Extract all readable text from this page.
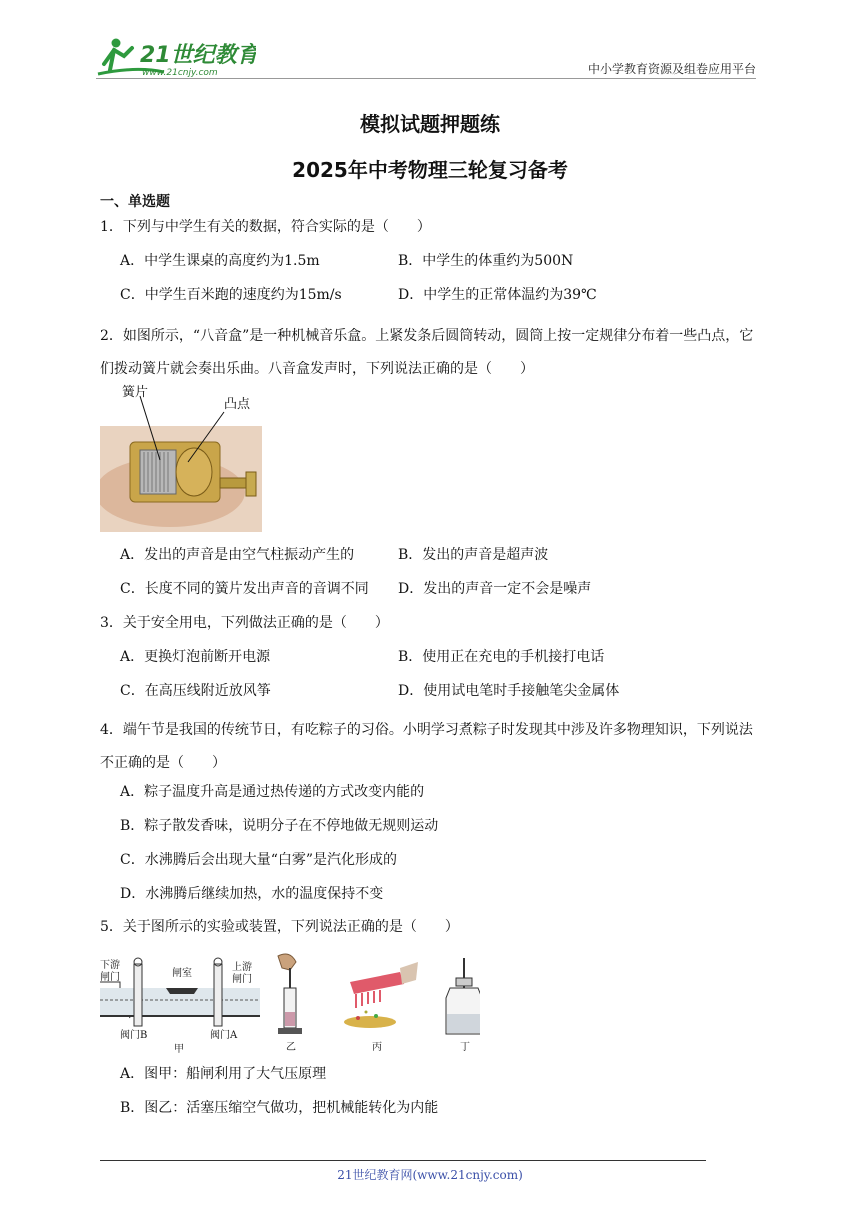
21世纪教育
www.21cnjy.com	中小学教育资源及组卷应用平台
模拟试题押题练
2025年中考物理三轮复习备考
一、单选题
1．下列与中学生有关的数据，符合实际的是（　　）
A．中学生课桌的高度约为1.5m	B．中学生的体重约为500N
C．中学生百米跑的速度约为15m/s	D．中学生的正常体温约为39℃
2．如图所示，“八音盒”是一种机械音乐盒。上紧发条后圆筒转动，圆筒上按一定规律分布着一些凸点，它们拨动簧片就会奏出乐曲。八音盒发声时，下列说法正确的是（　　）
簧片
凸点
A．发出的声音是由空气柱振动产生的	B．发出的声音是超声波
C．长度不同的簧片发出声音的音调不同 D．发出的声音一定不会是噪声
3．关于安全用电，下列做法正确的是（　　）
A．更换灯泡前断开电源	B．使用正在充电的手机接打电话
C．在高压线附近放风筝	D．使用试电笔时手接触笔尖金属体
4．端午节是我国的传统节日，有吃粽子的习俗。小明学习煮粽子时发现其中涉及许多物理知识，下列说法不正确的是（　　）
A．粽子温度升高是通过热传递的方式改变内能的
B．粽子散发香味，说明分子在不停地做无规则运动
C．水沸腾后会出现大量“白雾”是汽化形成的
D．水沸腾后继续加热，水的温度保持不变
5．关于图所示的实验或装置，下列说法正确的是（　　）
下游
闸门	闸室
上游
闸门
阀门B	阀门A
甲	乙	丙	丁
A．图甲：船闸利用了大气压原理
B．图乙：活塞压缩空气做功，把机械能转化为内能
21世纪教育网(www.21cnjy.com)
